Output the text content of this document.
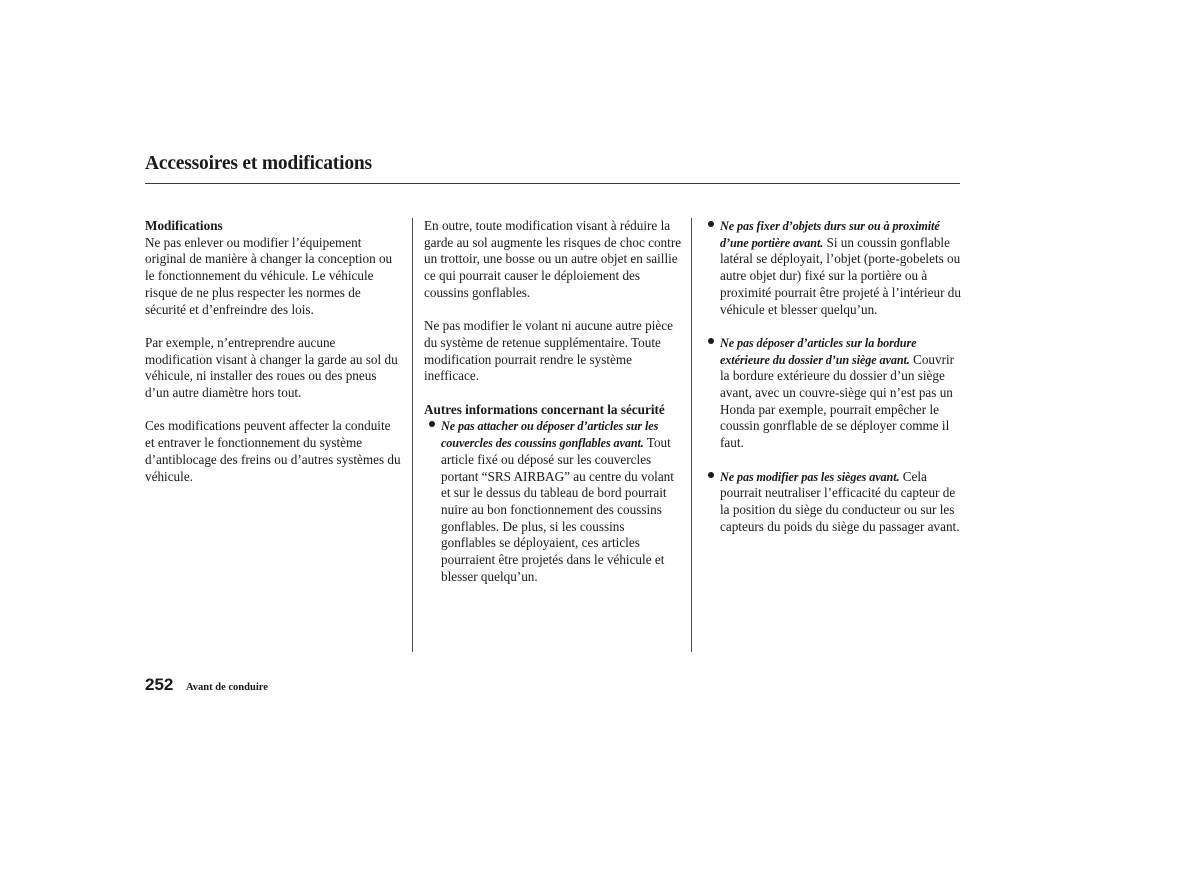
Accessoires et modifications

Modifications

Ne pas enlever ou modifier l’équipement original de manière à changer la conception ou le fonctionnement du véhicule. Le véhicule risque de ne plus respecter les normes de sécurité et d’enfreindre des lois.

Par exemple, n’entreprendre aucune modification visant à changer la garde au sol du véhicule, ni installer des roues ou des pneus d’un autre diamètre hors tout.

Ces modifications peuvent affecter la conduite et entraver le fonctionnement du système d’antiblocage des freins ou d’autres systèmes du véhicule.

En outre, toute modification visant à réduire la garde au sol augmente les risques de choc contre un trottoir, une bosse ou un autre objet en saillie ce qui pourrait causer le déploiement des coussins gonflables.

Ne pas modifier le volant ni aucune autre pièce du système de retenue supplémentaire. Toute modification pourrait rendre le système inefficace.

Autres informations concernant la sécurité

Ne pas attacher ou déposer d’articles sur les couvercles des coussins gonflables avant. Tout article fixé ou déposé sur les couvercles portant “SRS AIRBAG” au centre du volant et sur le dessus du tableau de bord pourrait nuire au bon fonctionnement des coussins gonflables. De plus, si les coussins gonflables se déployaient, ces articles pourraient être projetés dans le véhicule et blesser quelqu’un.
Ne pas fixer d’objets durs sur ou à proximité d’une portière avant. Si un coussin gonflable latéral se déployait, l’objet (porte-gobelets ou autre objet dur) fixé sur la portière ou à proximité pourrait être projeté à l’intérieur du véhicule et blesser quelqu’un.
Ne pas déposer d’articles sur la bordure extérieure du dossier d’un siège avant. Couvrir la bordure extérieure du dossier d’un siège avant, avec un couvre-siège qui n’est pas un Honda par exemple, pourrait empêcher le coussin gonrflable de se déployer comme il faut.
Ne pas modifier pas les sièges avant. Cela pourrait neutraliser l’efficacité du capteur de la position du siège du conducteur ou sur les capteurs du poids du siège du passager avant.
252 Avant de conduire
